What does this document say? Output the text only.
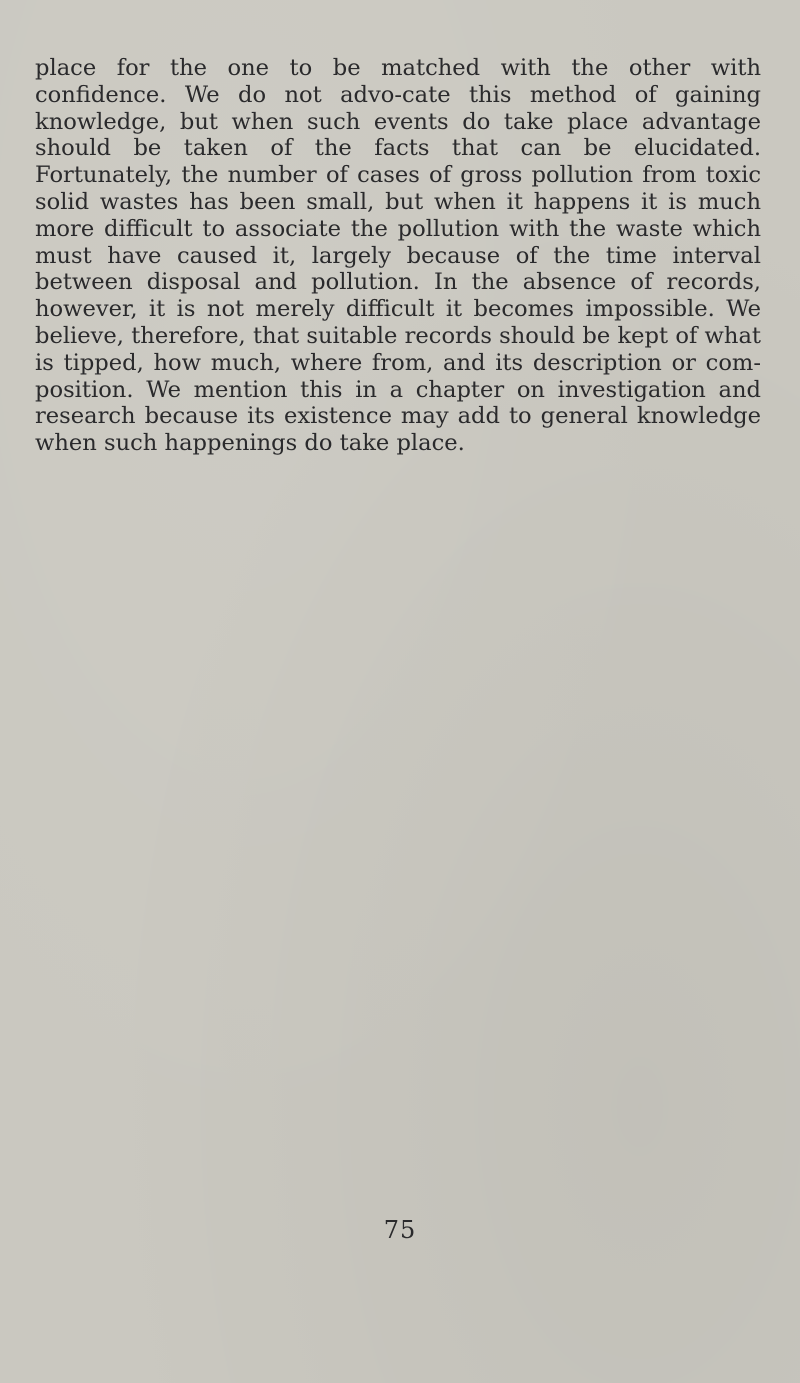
place for the one to be matched with the other with confidence. We do not advo-cate this method of gaining knowledge, but when such events do take place advantage should be taken of the facts that can be elucidated. Fortunately, the number of cases of gross pollution from toxic solid wastes has been small, but when it happens it is much more difficult to associate the pollution with the waste which must have caused it, largely because of the time interval between disposal and pollution. In the absence of records, however, it is not merely difficult it becomes impossible. We believe, therefore, that suitable records should be kept of what is tipped, how much, where from, and its description or com-position. We mention this in a chapter on investigation and research because its existence may add to general knowledge when such happenings do take place.

75
